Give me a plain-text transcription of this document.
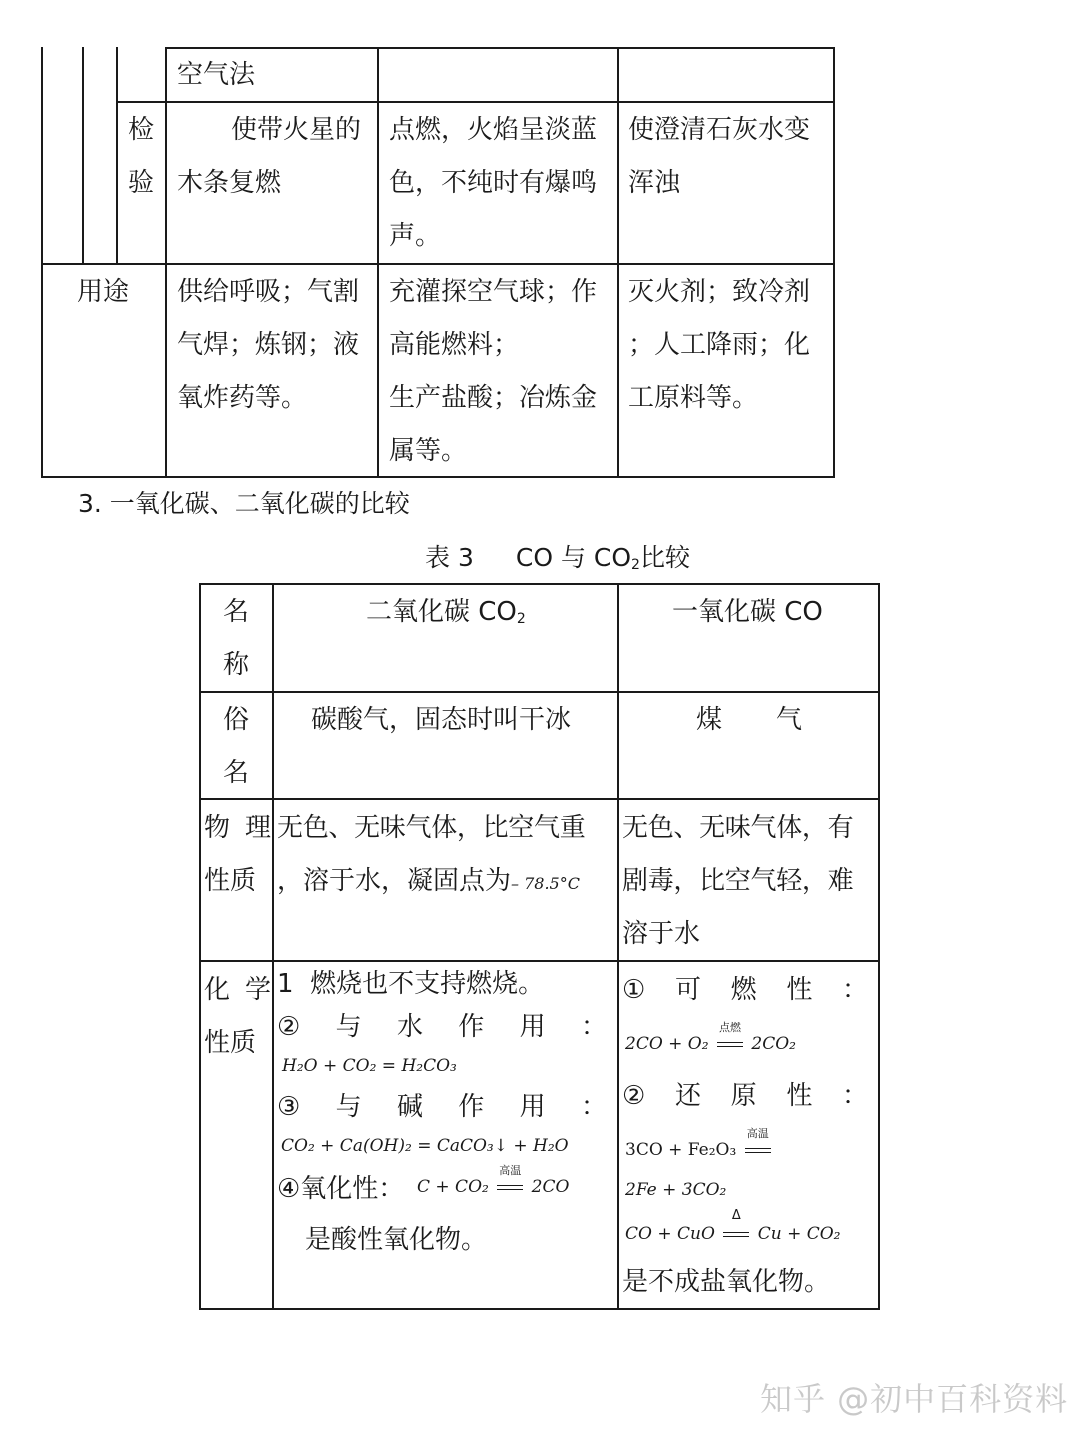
空气法
检
验
使带火星的
木条复燃
点燃，火焰呈淡蓝
色，不纯时有爆鸣
声。
使澄清石灰水变
浑浊
用途 供给呼吸；气割
气焊；炼钢；液
氧炸药等。
充灌探空气球；作
高能燃料；
生产盐酸；冶炼金
属等。
灭火剂；致冷剂
；人工降雨；化
工原料等。
3. 一氧化碳、二氧化碳的比较
表 3 CO 与 $CO_2$比较
名
称
二氧化碳 $CO_2$	一氧化碳 CO
俗
名
碳酸气，固态时叫干冰	煤 气
物 理
性质
无色、无味气体，比空气重
，溶于水，凝固点为– 78.5°C
无色、无味气体，有
剧毒，比空气轻，难
溶于水
化 学
性质
1  燃烧也不支持燃烧。
② 与 水 作 用 ：
H₂O + CO₂ = H₂CO₃
③ 与 碱 作 用 ：
CO₂ + Ca(OH)₂ = CaCO₃↓ + H₂O
④氧化性： C + CO₂
高温
2CO
是酸性氧化物。
① 可 燃 性 ：
2CO + O₂
点燃
2CO₂
② 还 原 性 ：
3CO + Fe₂O₃
高温
2Fe + 3CO₂
CO + CuO
Δ
Cu + CO₂
是不成盐氧化物。
知乎 @初中百科资料
